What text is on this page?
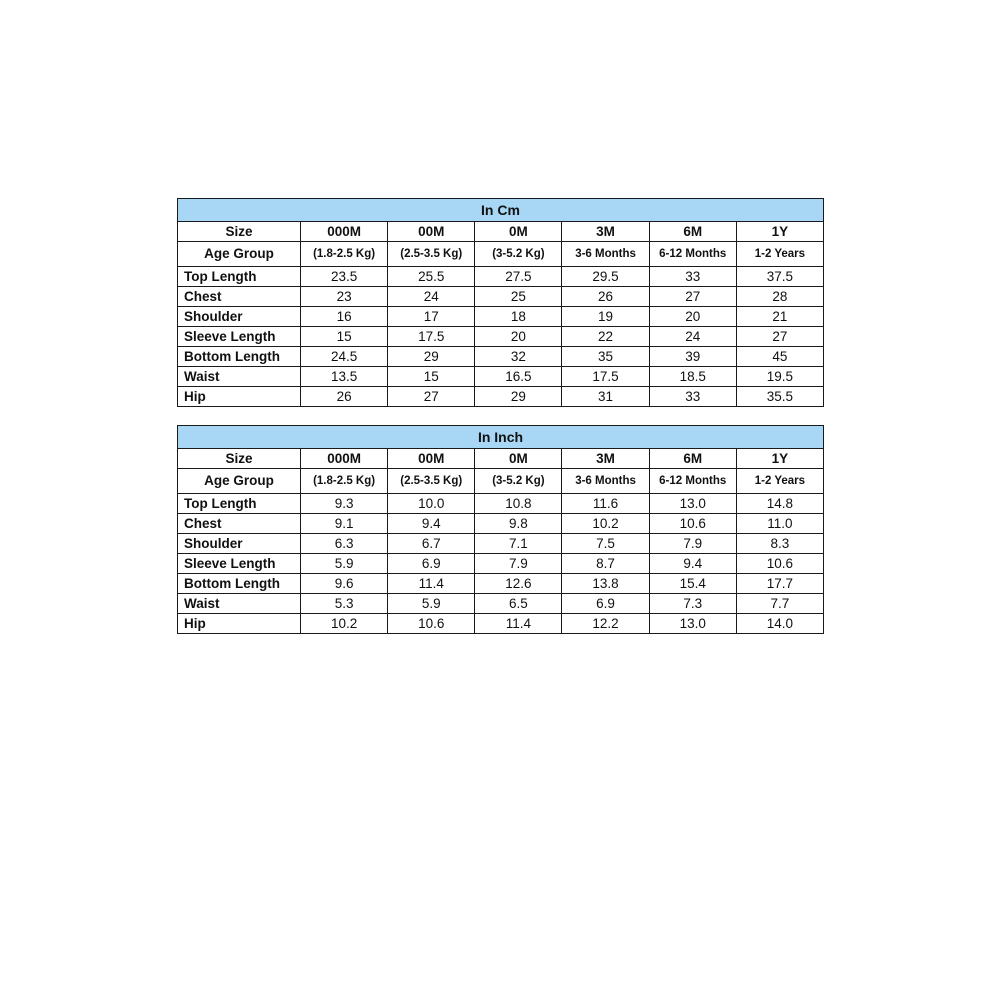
In Cm						
Size	000M	00M	0M	3M	6M	1Y
Age Group	(1.8-2.5 Kg)	(2.5-3.5 Kg)	(3-5.2 Kg)	3-6 Months	6-12 Months	1-2 Years
Top Length	23.5	25.5	27.5	29.5	33	37.5
Chest	23	24	25	26	27	28
Shoulder	16	17	18	19	20	21
Sleeve Length	15	17.5	20	22	24	27
Bottom Length	24.5	29	32	35	39	45
Waist	13.5	15	16.5	17.5	18.5	19.5
Hip	26	27	29	31	33	35.5
In Inch						
Size	000M	00M	0M	3M	6M	1Y
Age Group	(1.8-2.5 Kg)	(2.5-3.5 Kg)	(3-5.2 Kg)	3-6 Months	6-12 Months	1-2 Years
Top Length	9.3	10.0	10.8	11.6	13.0	14.8
Chest	9.1	9.4	9.8	10.2	10.6	11.0
Shoulder	6.3	6.7	7.1	7.5	7.9	8.3
Sleeve Length	5.9	6.9	7.9	8.7	9.4	10.6
Bottom Length	9.6	11.4	12.6	13.8	15.4	17.7
Waist	5.3	5.9	6.5	6.9	7.3	7.7
Hip	10.2	10.6	11.4	12.2	13.0	14.0
